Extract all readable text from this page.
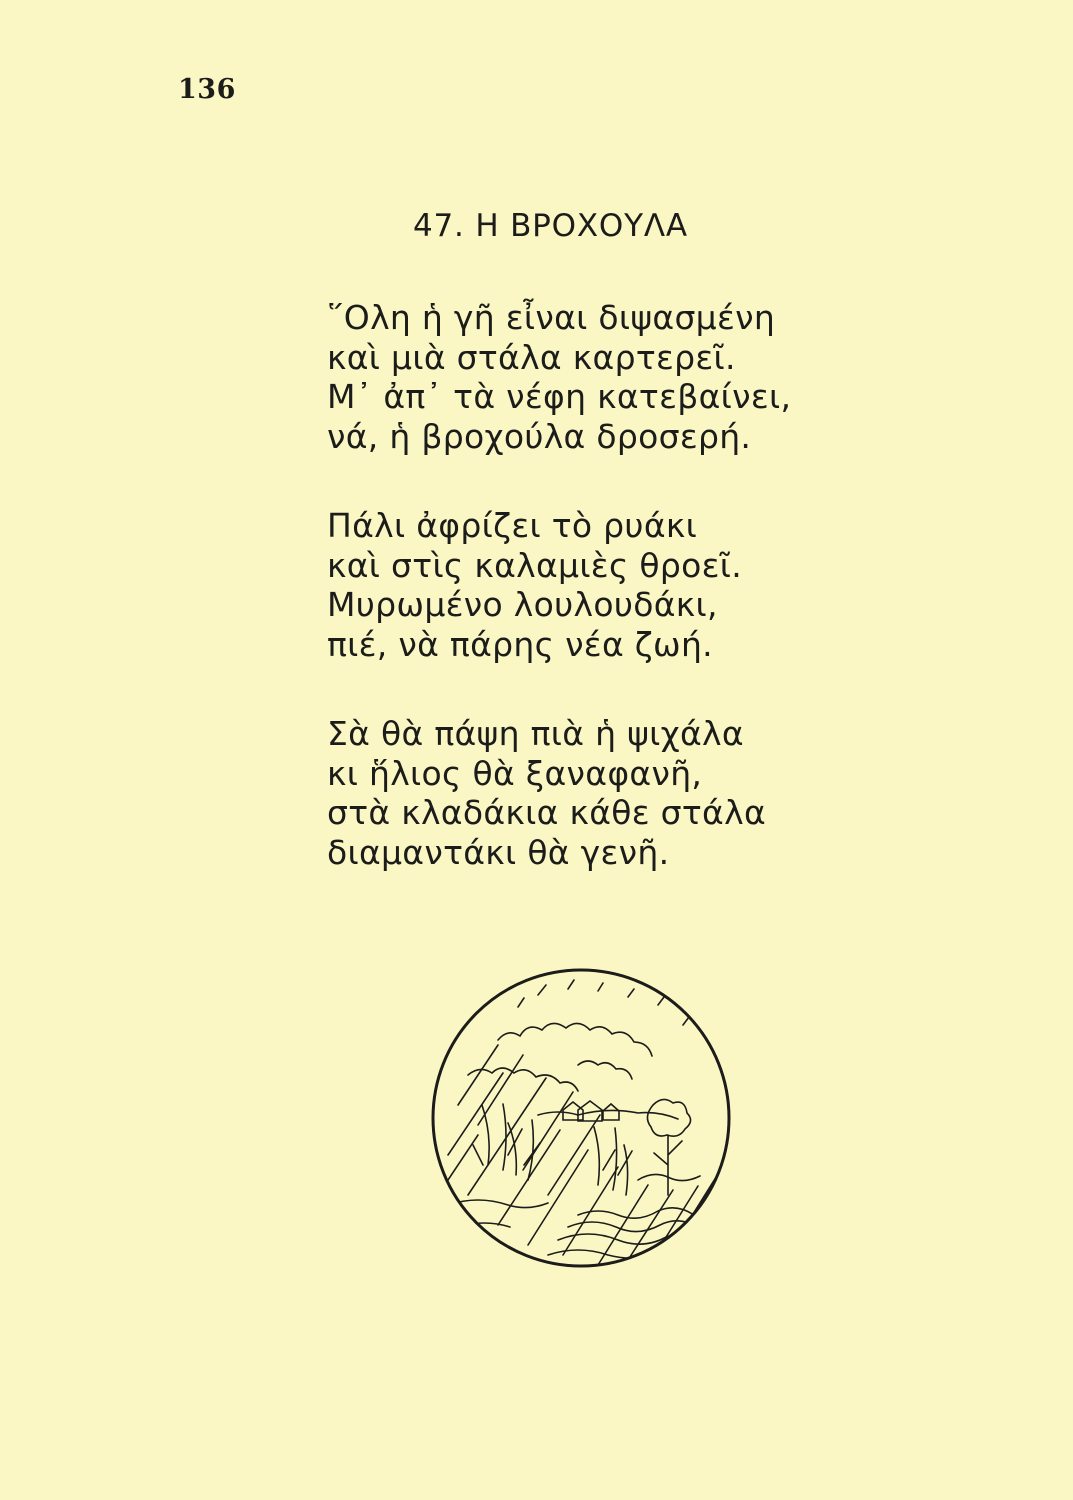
136
47. Η ΒΡΟΧΟΥΛΑ
῞Ολη ἡ γῆ εἶναι διψασμένη
καὶ μιὰ στάλα καρτερεῖ.
Μ᾿ ἀπ᾿ τὰ νέφη κατεβαίνει,
νά, ἡ βροχούλα δροσερή.
Πάλι ἀφρίζει τὸ ρυάκι
καὶ στὶς καλαμιὲς θροεῖ.
Μυρωμένο λουλουδάκι,
πιέ, νὰ πάρης νέα ζωή.
Σὰ θὰ πάψη πιὰ ἡ ψιχάλα
κι ἥλιος θὰ ξαναφανῆ,
στὰ κλαδάκια κάθε στάλα
διαμαντάκι θὰ γενῆ.
